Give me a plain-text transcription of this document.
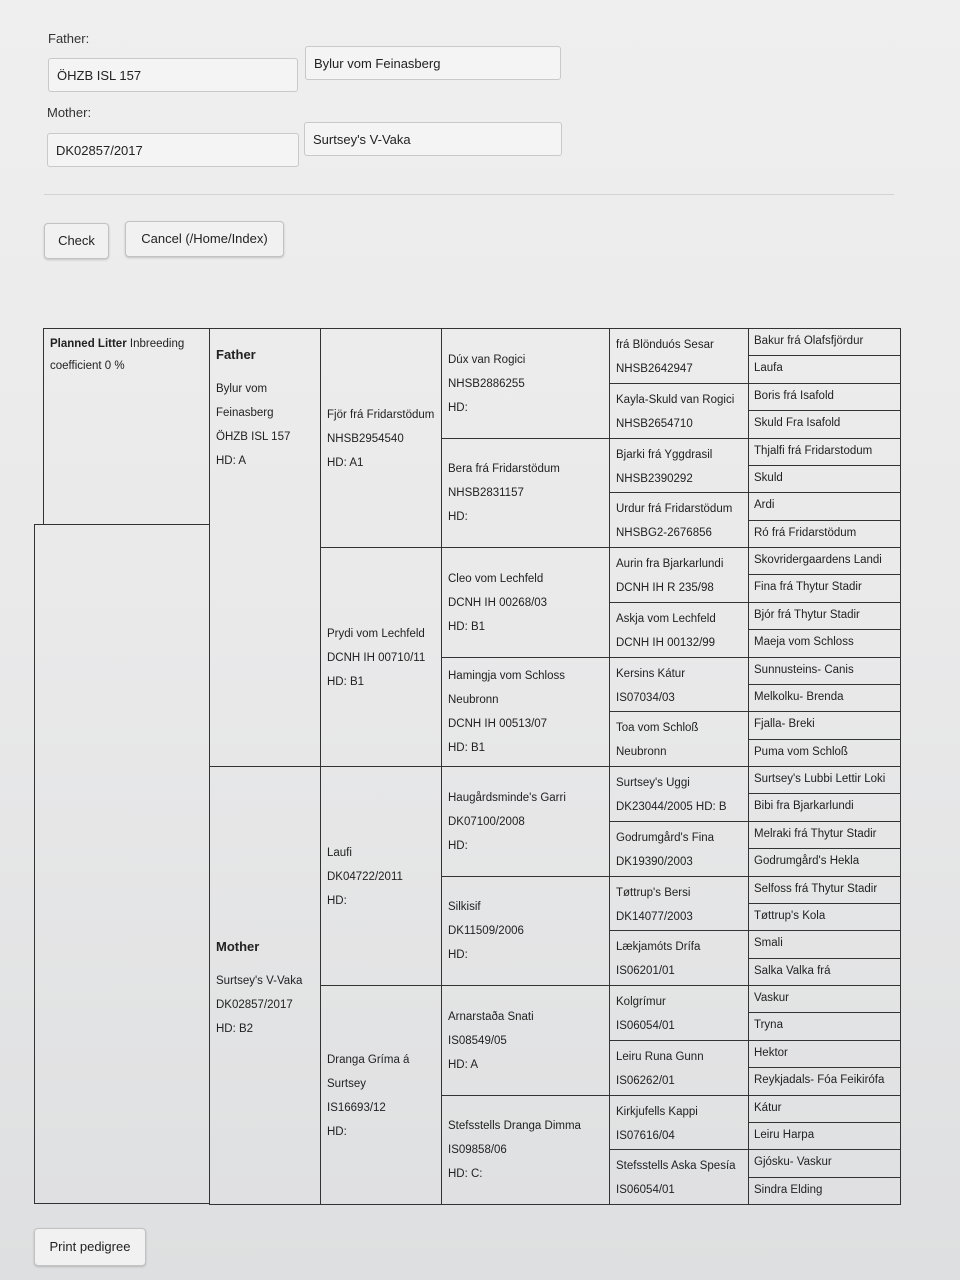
Father:
ÖHZB ISL 157
Bylur vom Feinasberg
Mother:
DK02857/2017
Surtsey's V-Vaka
Check	Cancel (/Home/Index)
Planned Litter Inbreeding coefficient 0 %
Father
Bylur vom
Feinasberg
ÖHZB ISL 157
HD: A
Mother
Surtsey's V-Vaka
DK02857/2017
HD: B2
Fjör frá Fridarstödum
NHSB2954540
HD: A1
Prydi vom Lechfeld
DCNH IH 00710/11
HD: B1
Laufi
DK04722/2011
HD:
Dranga Gríma á
Surtsey
IS16693/12
HD:
Dúx van Rogici
NHSB2886255
HD:
Bera frá Fridarstödum
NHSB2831157
HD:
Cleo vom Lechfeld
DCNH IH 00268/03
HD: B1
Hamingja vom Schloss
Neubronn
DCNH IH 00513/07
HD: B1
Haugårdsminde's Garri
DK07100/2008
HD:
Silkisif
DK11509/2006
HD:
Arnarstaða Snati
IS08549/05
HD: A
Stefsstells Dranga Dimma
IS09858/06
HD: C:
frá Blönduós Sesar
NHSB2642947
Kayla-Skuld van Rogici
NHSB2654710
Bjarki frá Yggdrasil
NHSB2390292
Urdur frá Fridarstödum
NHSBG2-2676856
Aurin fra Bjarkarlundi
DCNH IH R 235/98
Askja vom Lechfeld
DCNH IH 00132/99
Kersins Kátur
IS07034/03
Toa vom Schloß
Neubronn
Surtsey's Uggi
DK23044/2005 HD: B
Godrumgård's Fina
DK19390/2003
Tøttrup's Bersi
DK14077/2003
Lækjamóts Drífa
IS06201/01
Kolgrímur
IS06054/01
Leiru Runa Gunn
IS06262/01
Kirkjufells Kappi
IS07616/04
Stefsstells Aska Spesía
IS06054/01
Bakur frá Olafsfjördur
Laufa
Boris frá Isafold
Skuld Fra Isafold
Thjalfi frá Fridarstodum
Skuld
Ardi
Ró frá Fridarstödum
Skovridergaardens Landi
Fina frá Thytur Stadir
Bjór frá Thytur Stadir
Maeja vom Schloss
Sunnusteins- Canis
Melkolku- Brenda
Fjalla- Breki
Puma vom Schloß
Surtsey's Lubbi Lettir Loki
Bibi fra Bjarkarlundi
Melraki frá Thytur Stadir
Godrumgård's Hekla
Selfoss frá Thytur Stadir
Tøttrup's Kola
Smali
Salka Valka frá
Vaskur
Tryna
Hektor
Reykjadals- Fóa Feikirófa
Kátur
Leiru Harpa
Gjósku- Vaskur
Sindra Elding
Print pedigree
